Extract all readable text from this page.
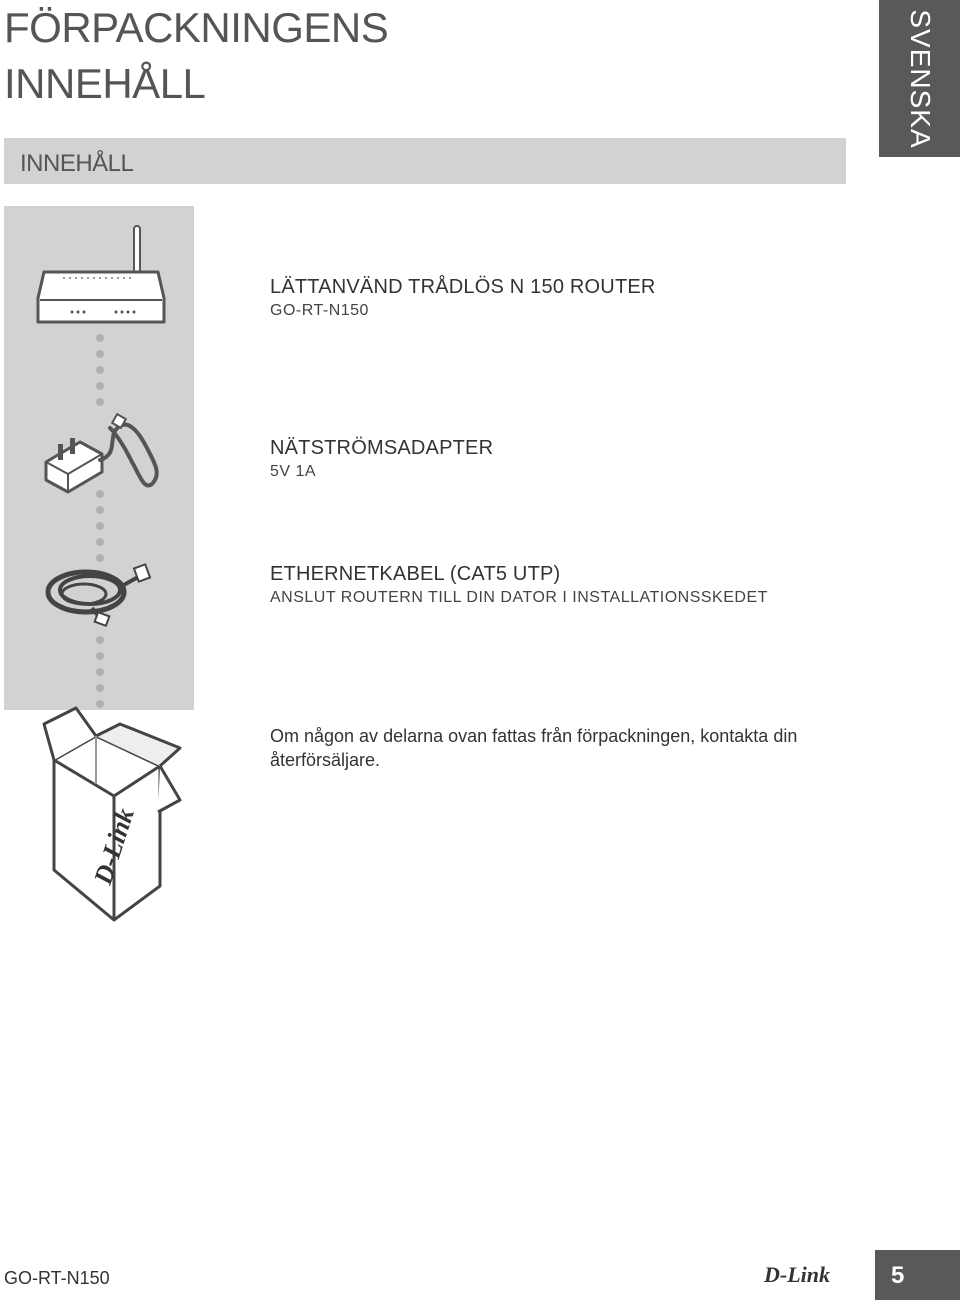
FÖRPACKNINGENS
INNEHÅLL	SVENSKA
INNEHÅLL
D-Link
LÄTTANVÄND TRÅDLÖS N 150 ROUTER
GO-RT-N150
NÄTSTRÖMSADAPTER
5V 1A
ETHERNETKABEL (CAT5 UTP)
ANSLUT ROUTERN TILL DIN DATOR I INSTALLATIONSSKEDET
Om någon av delarna ovan fattas från förpackningen, kontakta din återförsäljare.
GO-RT-N150	D-Link	5
